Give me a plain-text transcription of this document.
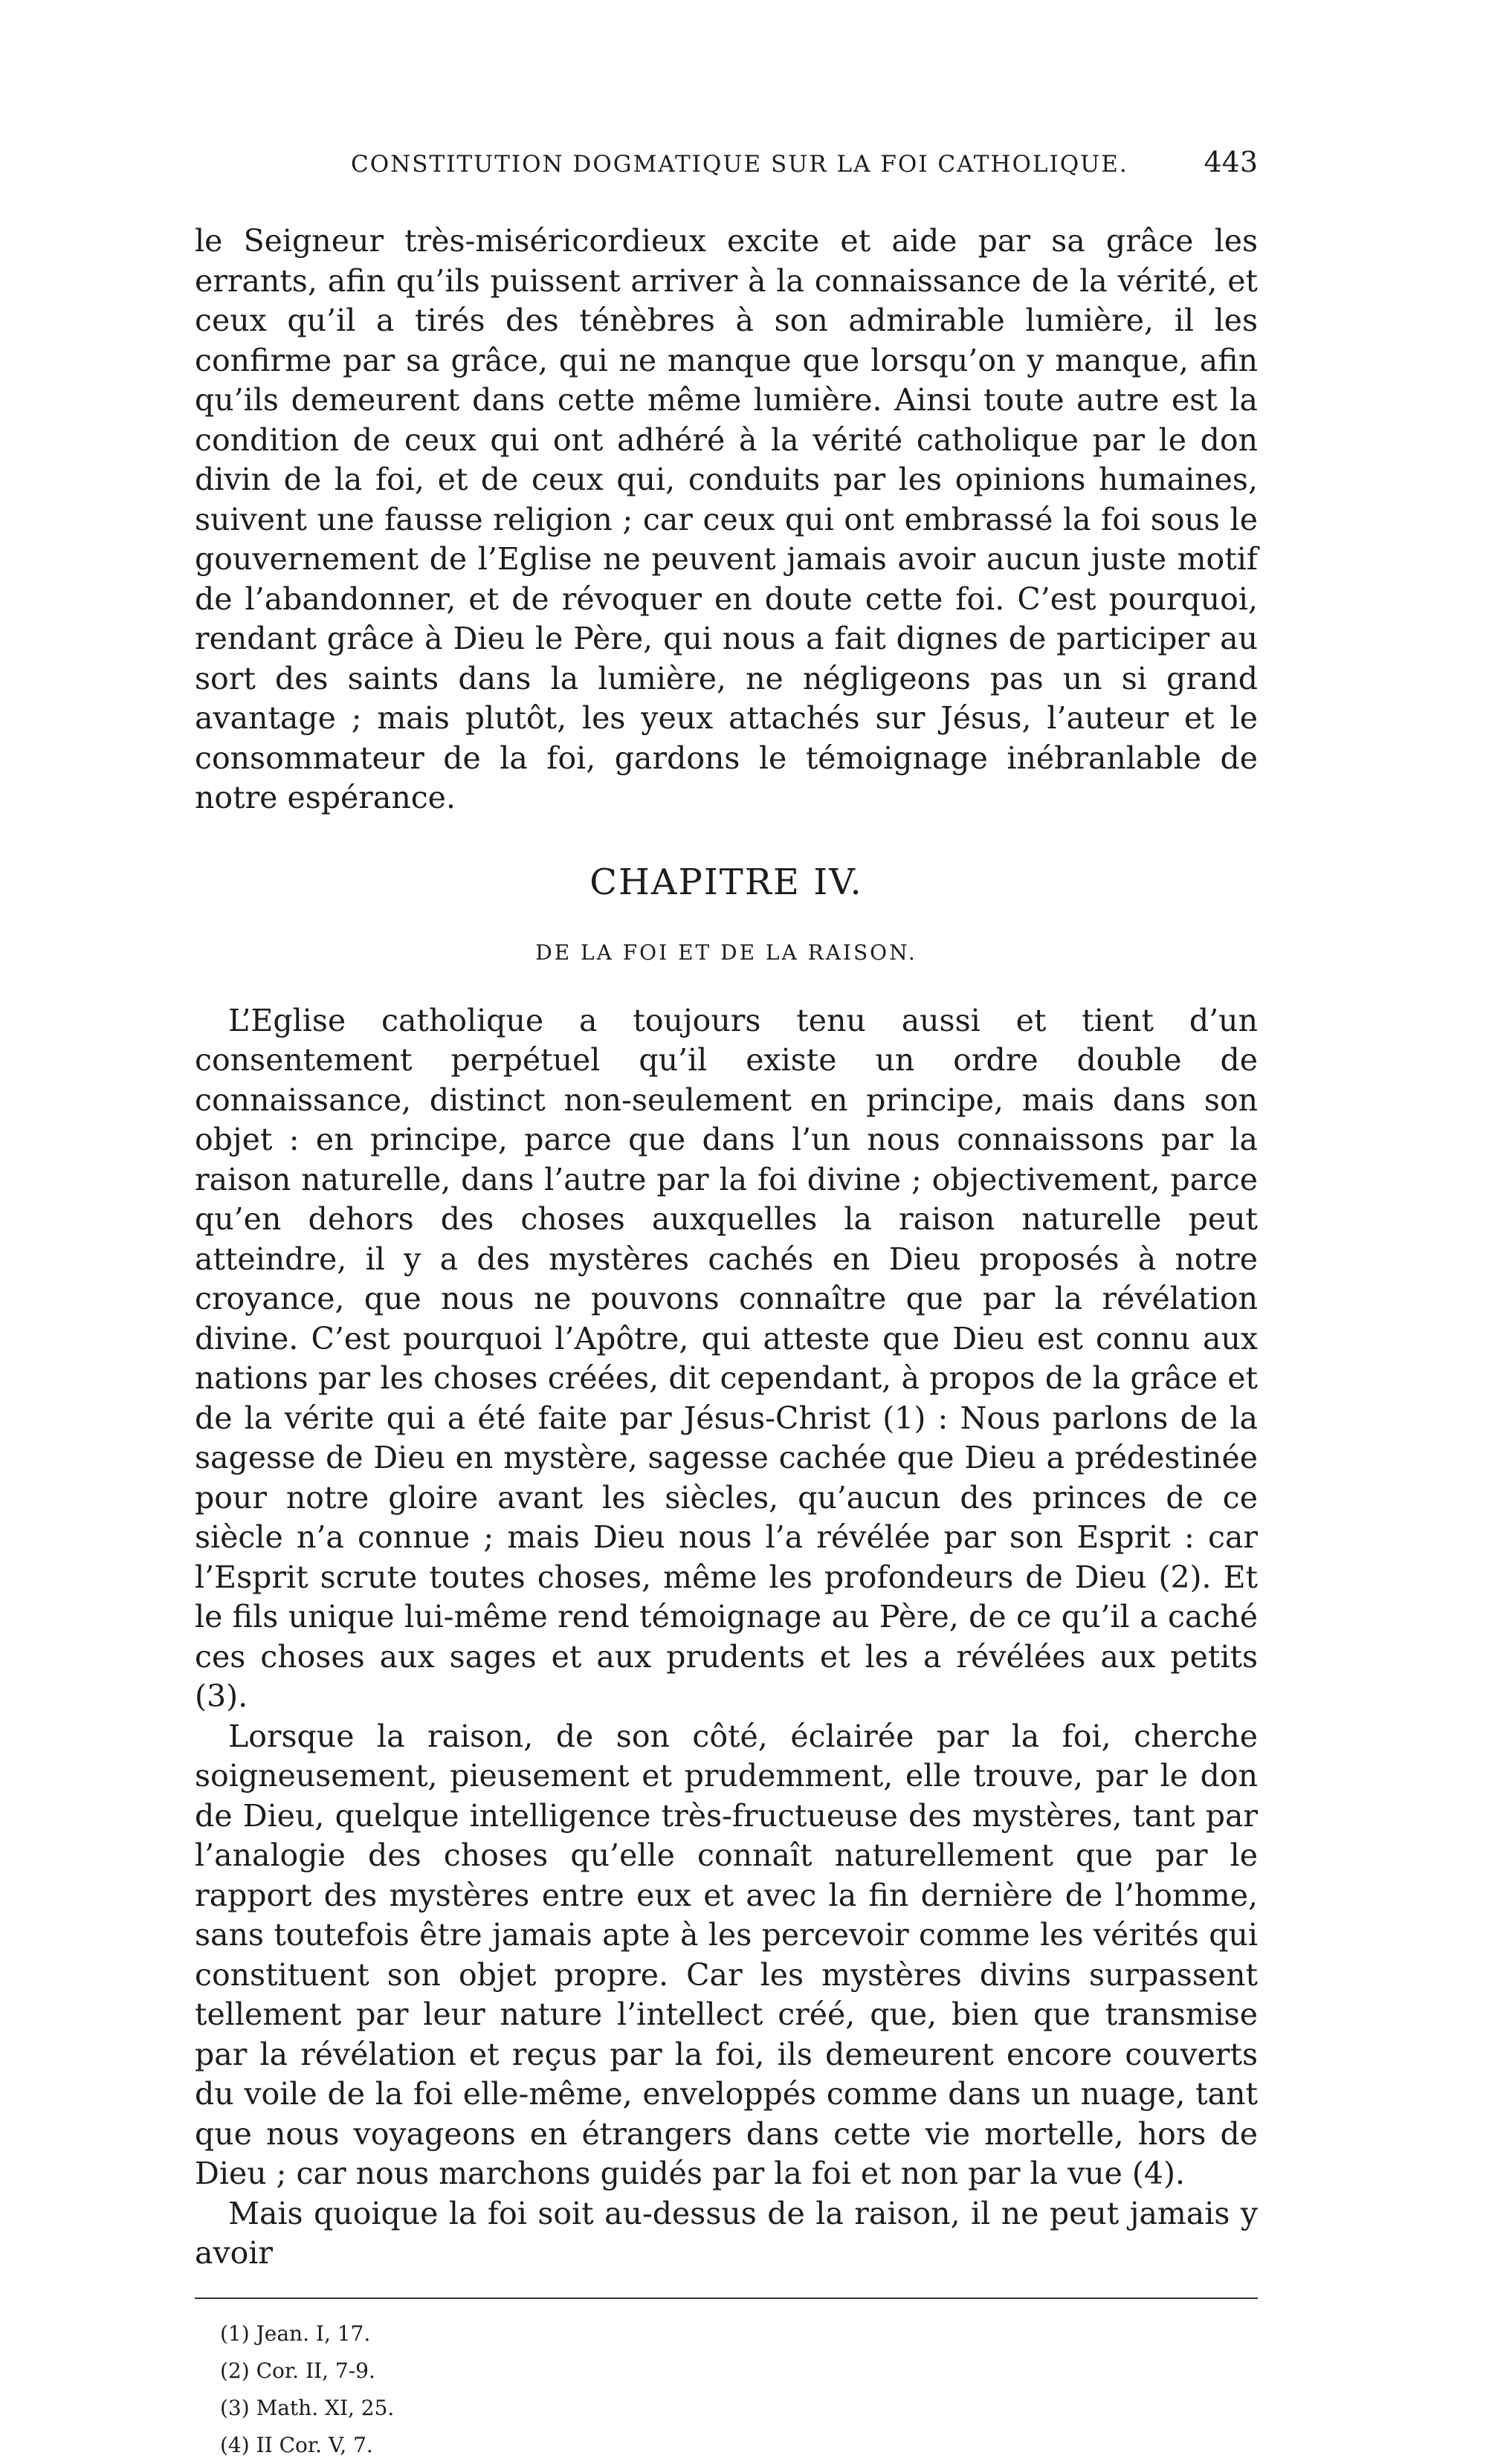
CONSTITUTION DOGMATIQUE SUR LA FOI CATHOLIQUE.	443

le Seigneur très-miséricordieux excite et aide par sa grâce les errants, afin qu’ils puissent arriver à la connaissance de la vérité, et ceux qu’il a tirés des ténèbres à son admirable lumière, il les confirme par sa grâce, qui ne manque que lorsqu’on y manque, afin qu’ils demeurent dans cette même lumière. Ainsi toute autre est la condition de ceux qui ont adhéré à la vérité catholique par le don divin de la foi, et de ceux qui, conduits par les opinions humaines, suivent une fausse religion ; car ceux qui ont embrassé la foi sous le gouvernement de l’Eglise ne peuvent jamais avoir aucun juste motif de l’abandonner, et de révoquer en doute cette foi. C’est pourquoi, rendant grâce à Dieu le Père, qui nous a fait dignes de participer au sort des saints dans la lumière, ne négligeons pas un si grand avantage ; mais plutôt, les yeux attachés sur Jésus, l’auteur et le consommateur de la foi, gardons le témoignage inébranlable de notre espérance.

CHAPITRE IV.
DE LA FOI ET DE LA RAISON.

L’Eglise catholique a toujours tenu aussi et tient d’un consentement perpétuel qu’il existe un ordre double de connaissance, distinct non-seulement en principe, mais dans son objet : en principe, parce que dans l’un nous connaissons par la raison naturelle, dans l’autre par la foi divine ; objectivement, parce qu’en dehors des choses auxquelles la raison naturelle peut atteindre, il y a des mystères cachés en Dieu proposés à notre croyance, que nous ne pouvons connaître que par la révélation divine. C’est pourquoi l’Apôtre, qui atteste que Dieu est connu aux nations par les choses créées, dit cependant, à propos de la grâce et de la vérite qui a été faite par Jésus-Christ (1) : Nous parlons de la sagesse de Dieu en mystère, sagesse cachée que Dieu a prédestinée pour notre gloire avant les siècles, qu’aucun des princes de ce siècle n’a connue ; mais Dieu nous l’a révélée par son Esprit : car l’Esprit scrute toutes choses, même les profondeurs de Dieu (2). Et le fils unique lui-même rend témoignage au Père, de ce qu’il a caché ces choses aux sages et aux prudents et les a révélées aux petits (3).

Lorsque la raison, de son côté, éclairée par la foi, cherche soigneusement, pieusement et prudemment, elle trouve, par le don de Dieu, quelque intelligence très-fructueuse des mystères, tant par l’analogie des choses qu’elle connaît naturellement que par le rapport des mystères entre eux et avec la fin dernière de l’homme, sans toutefois être jamais apte à les percevoir comme les vérités qui constituent son objet propre. Car les mystères divins surpassent tellement par leur nature l’intellect créé, que, bien que transmise par la révélation et reçus par la foi, ils demeurent encore couverts du voile de la foi elle-même, enveloppés comme dans un nuage, tant que nous voyageons en étrangers dans cette vie mortelle, hors de Dieu ; car nous marchons guidés par la foi et non par la vue (4).

Mais quoique la foi soit au-dessus de la raison, il ne peut jamais y avoir

(1) Jean. I, 17.
(2) Cor. II, 7-9.
(3) Math. XI, 25.
(4) II Cor. V, 7.
